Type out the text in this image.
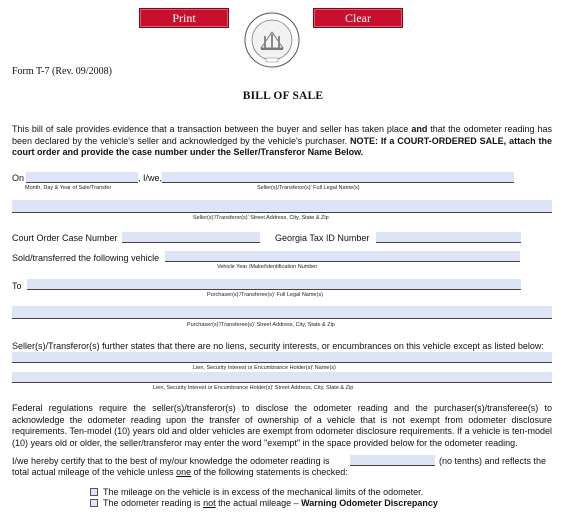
Print	Clear
Form T-7 (Rev. 09/2008)
BILL OF SALE
This bill of sale provides evidence that a transaction between the buyer and seller has taken place and that the odometer reading has been declared by the vehicle's seller and acknowledged by the vehicle's purchaser. NOTE: If a COURT-ORDERED SALE, attach the court order and provide the case number under the Seller/Transferor Name Below.
On	, I/we,
Month, Day & Year of Sale/Transfer	Seller(s)/Transferor(s)' Full Legal Name(s)
Seller(s)'/Transferor(s)' Street Address, City, State & Zip
Court Order Case Number	Georgia Tax ID Number
Sold/transferred the following vehicle
Vehicle Year /Make/Identification Number
To
Purchaser(s)'/Transferee(s)' Full Legal Name(s)
Purchaser(s)'/Transferee(s)' Street Address, City, State & Zip
Seller(s)/Transferor(s) further states that there are no liens, security interests, or encumbrances on this vehicle except as listed below:
Lien, Security Interest or Encumbrance Holder(s)' Name(s)
Lien, Security Interest or Encumbrance Holder(s)' Street Address, City, State & Zip
Federal regulations require the seller(s)/transferor(s) to disclose the odometer reading and the purchaser(s)/transferee(s) to acknowledge the odometer reading upon the transfer of ownership of a vehicle that is not exempt from odometer disclosure requirements. Ten-model (10) years old and older vehicles are exempt from odometer disclosure requirements. If a vehicle is ten-model (10) years old or older, the seller/transferor may enter the word "exempt" in the space provided below for the odometer reading.
I/we hereby certify that to the best of my/our knowledge the odometer reading is	(no tenths) and reflects the
total actual mileage of the vehicle unless one of the following statements is checked:
The mileage on the vehicle is in excess of the mechanical limits of the odometer.
The odometer reading is not the actual mileage – Warning Odometer Discrepancy
